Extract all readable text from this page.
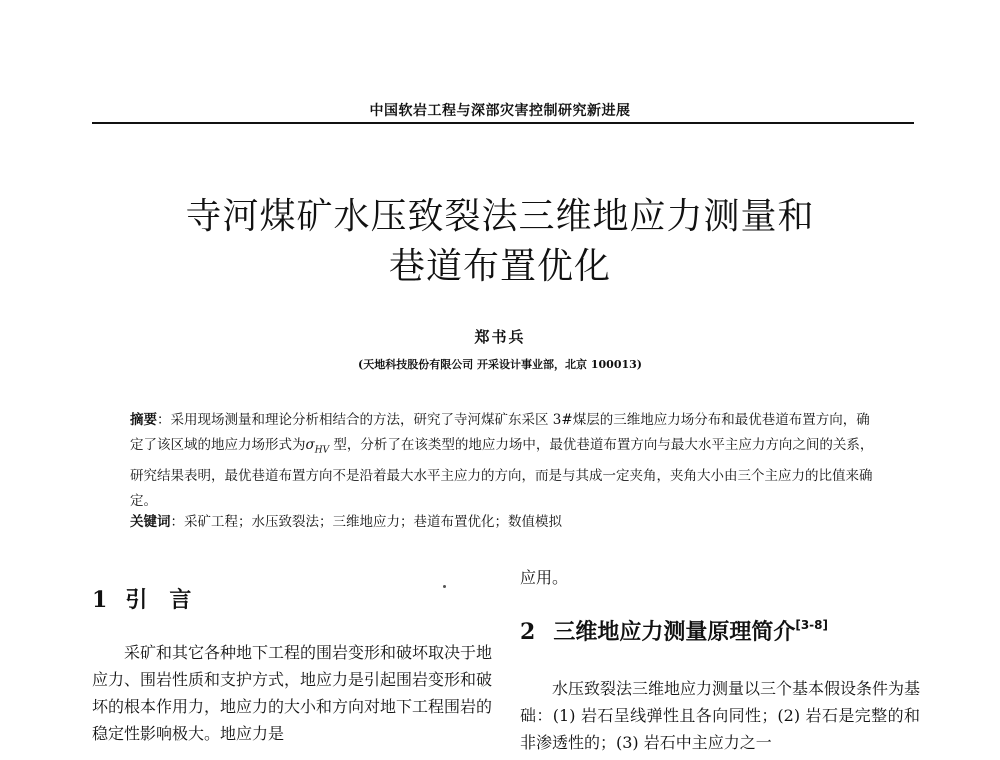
中国软岩工程与深部灾害控制研究新进展
寺河煤矿水压致裂法三维地应力测量和
巷道布置优化
郑书兵
(天地科技股份有限公司 开采设计事业部，北京 100013)
摘要：采用现场测量和理论分析相结合的方法，研究了寺河煤矿东采区 3#煤层的三维地应力场分布和最优巷道布置方向，确定了该区域的地应力场形式为$\sigma_{HV}$ 型，分析了在该类型的地应力场中，最优巷道布置方向与最大水平主应力方向之间的关系，研究结果表明，最优巷道布置方向不是沿着最大水平主应力的方向，而是与其成一定夹角，夹角大小由三个主应力的比值来确定。
关键词：采矿工程；水压致裂法；三维地应力；巷道布置优化；数值模拟
1 引　言
采矿和其它各种地下工程的围岩变形和破坏取决于地应力、围岩性质和支护方式，地应力是引起围岩变形和破坏的根本作用力，地应力的大小和方向对地下工程围岩的稳定性影响极大。地应力是
应用。
2 三维地应力测量原理简介[3-8]
水压致裂法三维地应力测量以三个基本假设条件为基础：(1) 岩石呈线弹性且各向同性；(2) 岩石是完整的和非渗透性的；(3) 岩石中主应力之一
